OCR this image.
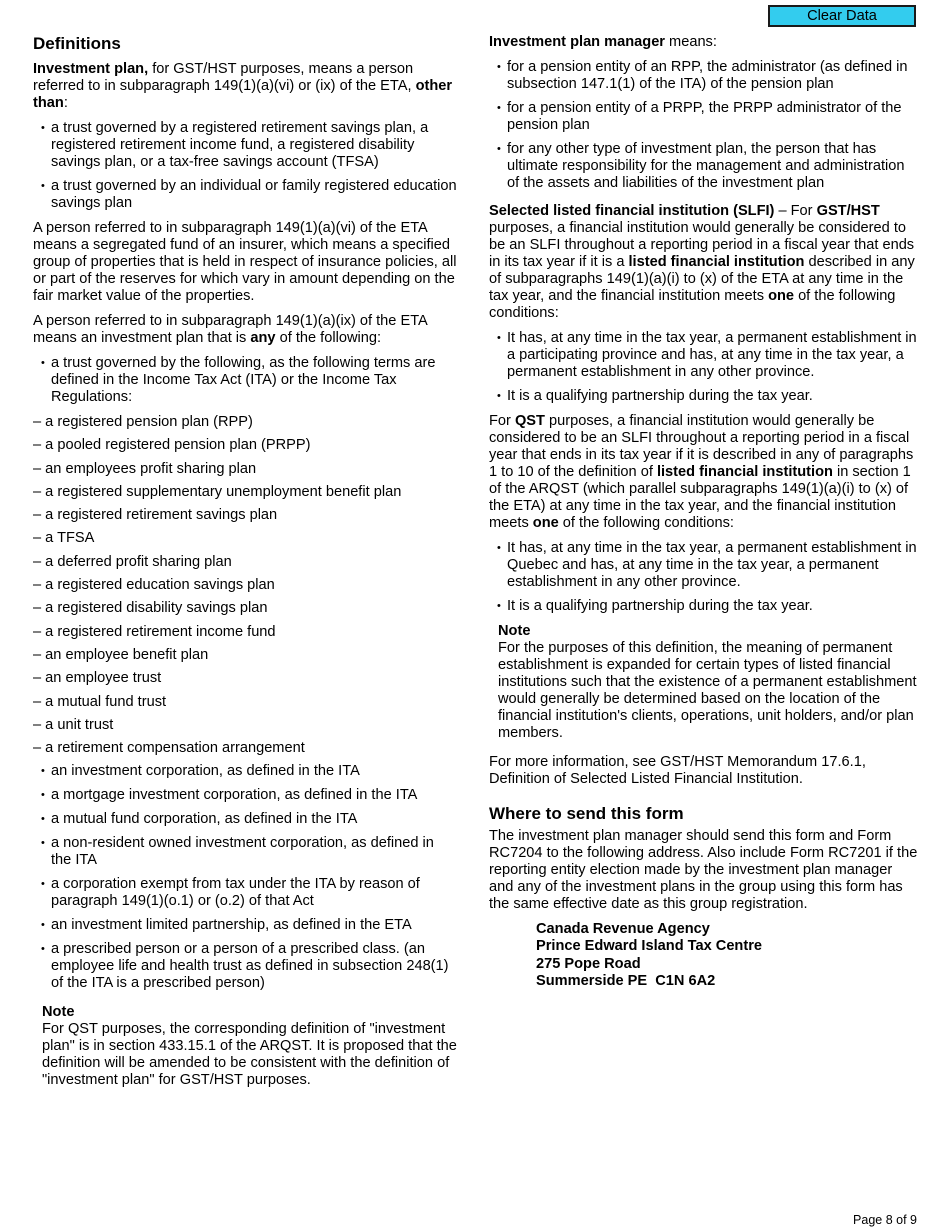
Clear Data
Definitions

Investment plan, for GST/HST purposes, means a person referred to in subparagraph 149(1)(a)(vi) or (ix) of the ETA, other than:

• a trust governed by a registered retirement savings plan, a registered retirement income fund, a registered disability savings plan, or a tax-free savings account (TFSA)
• a trust governed by an individual or family registered education savings plan

A person referred to in subparagraph 149(1)(a)(vi) of the ETA means a segregated fund of an insurer, which means a specified group of properties that is held in respect of insurance policies, all or part of the reserves for which vary in amount depending on the fair market value of the properties.

A person referred to in subparagraph 149(1)(a)(ix) of the ETA means an investment plan that is any of the following:

• a trust governed by the following, as the following terms are defined in the Income Tax Act (ITA) or the Income Tax Regulations:
– a registered pension plan (RPP)
– a pooled registered pension plan (PRPP)
– an employees profit sharing plan
– a registered supplementary unemployment benefit plan
– a registered retirement savings plan
– a TFSA
– a deferred profit sharing plan
– a registered education savings plan
– a registered disability savings plan
– a registered retirement income fund
– an employee benefit plan
– an employee trust
– a mutual fund trust
– a unit trust
– a retirement compensation arrangement
• an investment corporation, as defined in the ITA
• a mortgage investment corporation, as defined in the ITA
• a mutual fund corporation, as defined in the ITA
• a non-resident owned investment corporation, as defined in the ITA
• a corporation exempt from tax under the ITA by reason of paragraph 149(1)(o.1) or (o.2) of that Act
• an investment limited partnership, as defined in the ETA
• a prescribed person or a person of a prescribed class. (an employee life and health trust as defined in subsection 248(1) of the ITA is a prescribed person)

Note

For QST purposes, the corresponding definition of "investment plan" is in section 433.15.1 of the ARQST. It is proposed that the definition will be amended to be consistent with the definition of "investment plan" for GST/HST purposes.

Investment plan manager means:

• for a pension entity of an RPP, the administrator (as defined in subsection 147.1(1) of the ITA) of the pension plan
• for a pension entity of a PRPP, the PRPP administrator of the pension plan
• for any other type of investment plan, the person that has ultimate responsibility for the management and administration of the assets and liabilities of the investment plan

Selected listed financial institution (SLFI) – For GST/HST purposes, a financial institution would generally be considered to be an SLFI throughout a reporting period in a fiscal year that ends in its tax year if it is a listed financial institution described in any of subparagraphs 149(1)(a)(i) to (x) of the ETA at any time in the tax year, and the financial institution meets one of the following conditions:

• It has, at any time in the tax year, a permanent establishment in a participating province and has, at any time in the tax year, a permanent establishment in any other province.
• It is a qualifying partnership during the tax year.

For QST purposes, a financial institution would generally be considered to be an SLFI throughout a reporting period in a fiscal year that ends in its tax year if it is described in any of paragraphs 1 to 10 of the definition of listed financial institution in section 1 of the ARQST (which parallel subparagraphs 149(1)(a)(i) to (x) of the ETA) at any time in the tax year, and the financial institution meets one of the following conditions:

• It has, at any time in the tax year, a permanent establishment in Quebec and has, at any time in the tax year, a permanent establishment in any other province.
• It is a qualifying partnership during the tax year.

Note

For the purposes of this definition, the meaning of permanent establishment is expanded for certain types of listed financial institutions such that the existence of a permanent establishment would generally be determined based on the location of the financial institution's clients, operations, unit holders, and/or plan members.

For more information, see GST/HST Memorandum 17.6.1, Definition of Selected Listed Financial Institution.

Where to send this form

The investment plan manager should send this form and Form RC7204 to the following address. Also include Form RC7201 if the reporting entity election made by the investment plan manager and any of the investment plans in the group using this form has the same effective date as this group registration.

Canada Revenue Agency
Prince Edward Island Tax Centre
275 Pope Road
Summerside PE  C1N 6A2
Page 8 of 9
